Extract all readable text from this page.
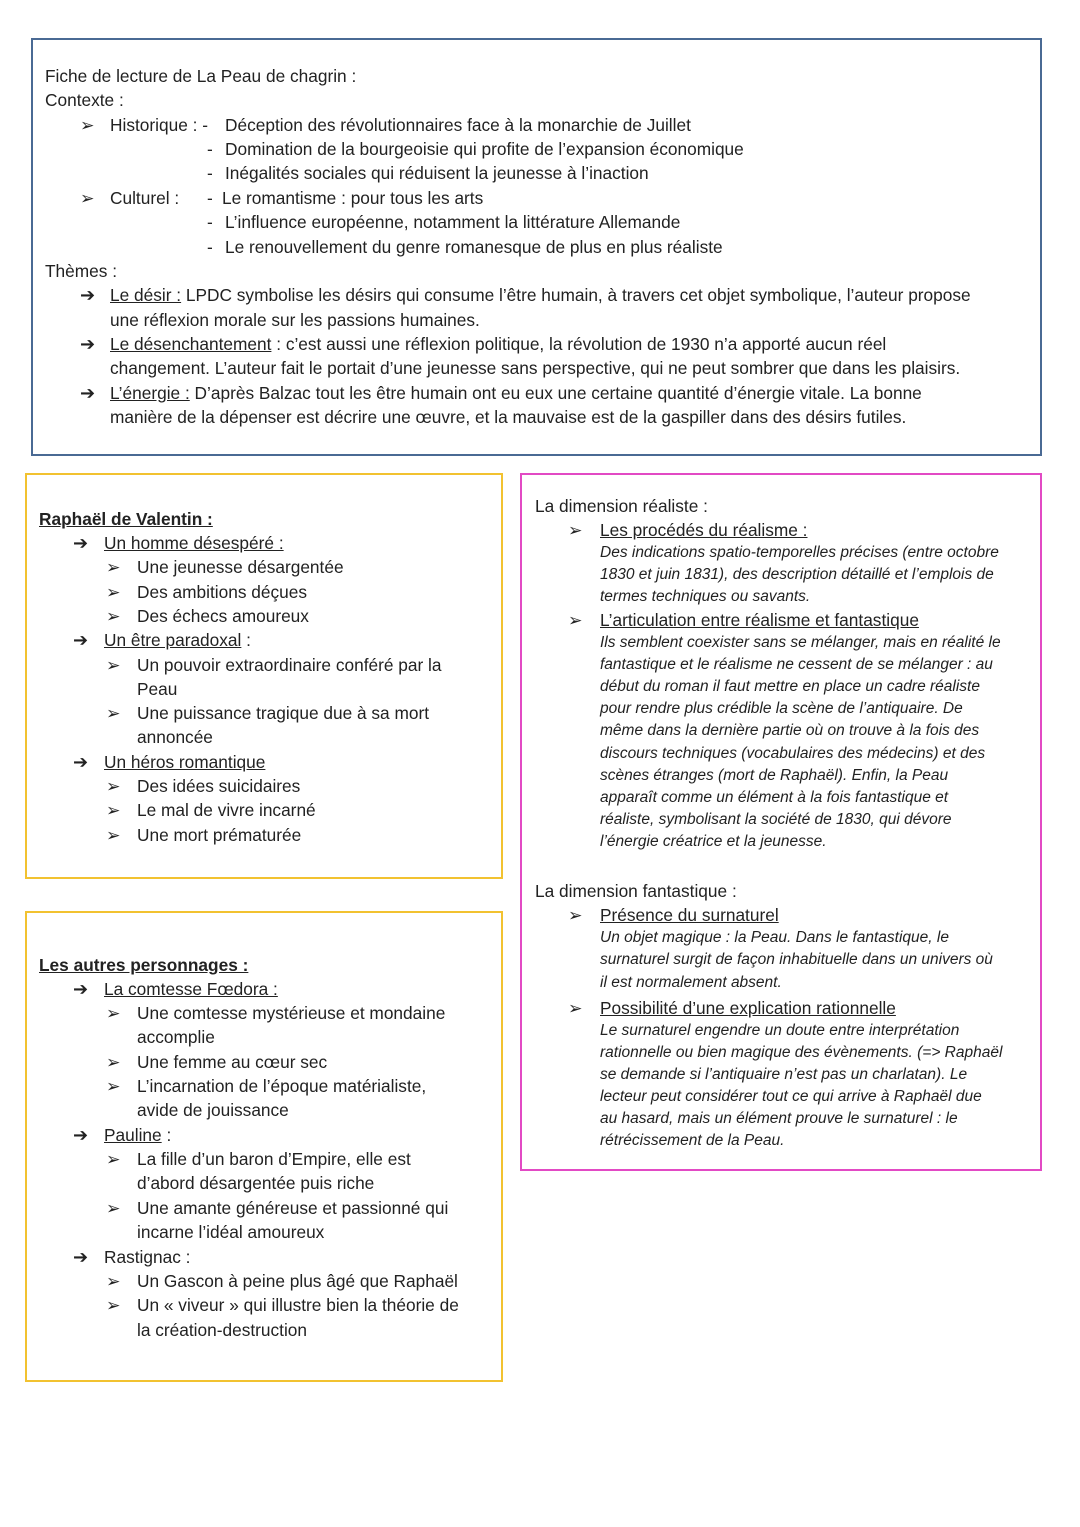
Fiche de lecture de La Peau de chagrin :
Contexte :
➢ Historique : - Déception des révolutionnaires face à la monarchie de Juillet
- Domination de la bourgeoisie qui profite de l’expansion économique
- Inégalités sociales qui réduisent la jeunesse à l’inaction
➢ Culturel : - Le romantisme : pour tous les arts
- L’influence européenne, notamment la littérature Allemande
- Le renouvellement du genre romanesque de plus en plus réaliste
Thèmes :
➔ Le désir : LPDC symbolise les désirs qui consume l’être humain, à travers cet objet symbolique, l’auteur propose
une réflexion morale sur les passions humaines.
➔ Le désenchantement : c’est aussi une réflexion politique, la révolution de 1930 n’a apporté aucun réel
changement. L’auteur fait le portait d’une jeunesse sans perspective, qui ne peut sombrer que dans les plaisirs.
➔ L’énergie : D’après Balzac tout les être humain ont eu eux une certaine quantité d’énergie vitale. La bonne
manière de la dépenser est décrire une œuvre, et la mauvaise est de la gaspiller dans des désirs futiles.
Raphaël de Valentin :
➔ Un homme désespéré :
➢ Une jeunesse désargentée
➢ Des ambitions déçues
➢ Des échecs amoureux
➔ Un être paradoxal :
➢ Un pouvoir extraordinaire conféré par la
Peau
➢ Une puissance tragique due à sa mort
annoncée
➔ Un héros romantique
➢ Des idées suicidaires
➢ Le mal de vivre incarné
➢ Une mort prématurée
Les autres personnages :
➔ La comtesse Fœdora :
➢ Une comtesse mystérieuse et mondaine
accomplie
➢ Une femme au cœur sec
➢ L’incarnation de l’époque matérialiste,
avide de jouissance
➔ Pauline :
➢ La fille d’un baron d’Empire, elle est
d’abord désargentée puis riche
➢ Une amante généreuse et passionné qui
incarne l’idéal amoureux
➔ Rastignac :
➢ Un Gascon à peine plus âgé que Raphaël
➢ Un « viveur » qui illustre bien la théorie de
la création-destruction
La dimension réaliste :
➢ Les procédés du réalisme :
Des indications spatio-temporelles précises (entre octobre
1830 et juin 1831), des description détaillé et l’emplois de
termes techniques ou savants.
➢ L’articulation entre réalisme et fantastique
Ils semblent coexister sans se mélanger, mais en réalité le
fantastique et le réalisme ne cessent de se mélanger : au
début du roman il faut mettre en place un cadre réaliste
pour rendre plus crédible la scène de l’antiquaire. De
même dans la dernière partie où on trouve à la fois des
discours techniques (vocabulaires des médecins) et des
scènes étranges (mort de Raphaël). Enfin, la Peau
apparaît comme un élément à la fois fantastique et
réaliste, symbolisant la société de 1830, qui dévore
l’énergie créatrice et la jeunesse.
La dimension fantastique :
➢ Présence du surnaturel
Un objet magique : la Peau. Dans le fantastique, le
surnaturel surgit de façon inhabituelle dans un univers où
il est normalement absent.
➢ Possibilité d’une explication rationnelle
Le surnaturel engendre un doute entre interprétation
rationnelle ou bien magique des évènements. (=> Raphaël
se demande si l’antiquaire n’est pas un charlatan). Le
lecteur peut considérer tout ce qui arrive à Raphaël due
au hasard, mais un élément prouve le surnaturel : le
rétrécissement de la Peau.
